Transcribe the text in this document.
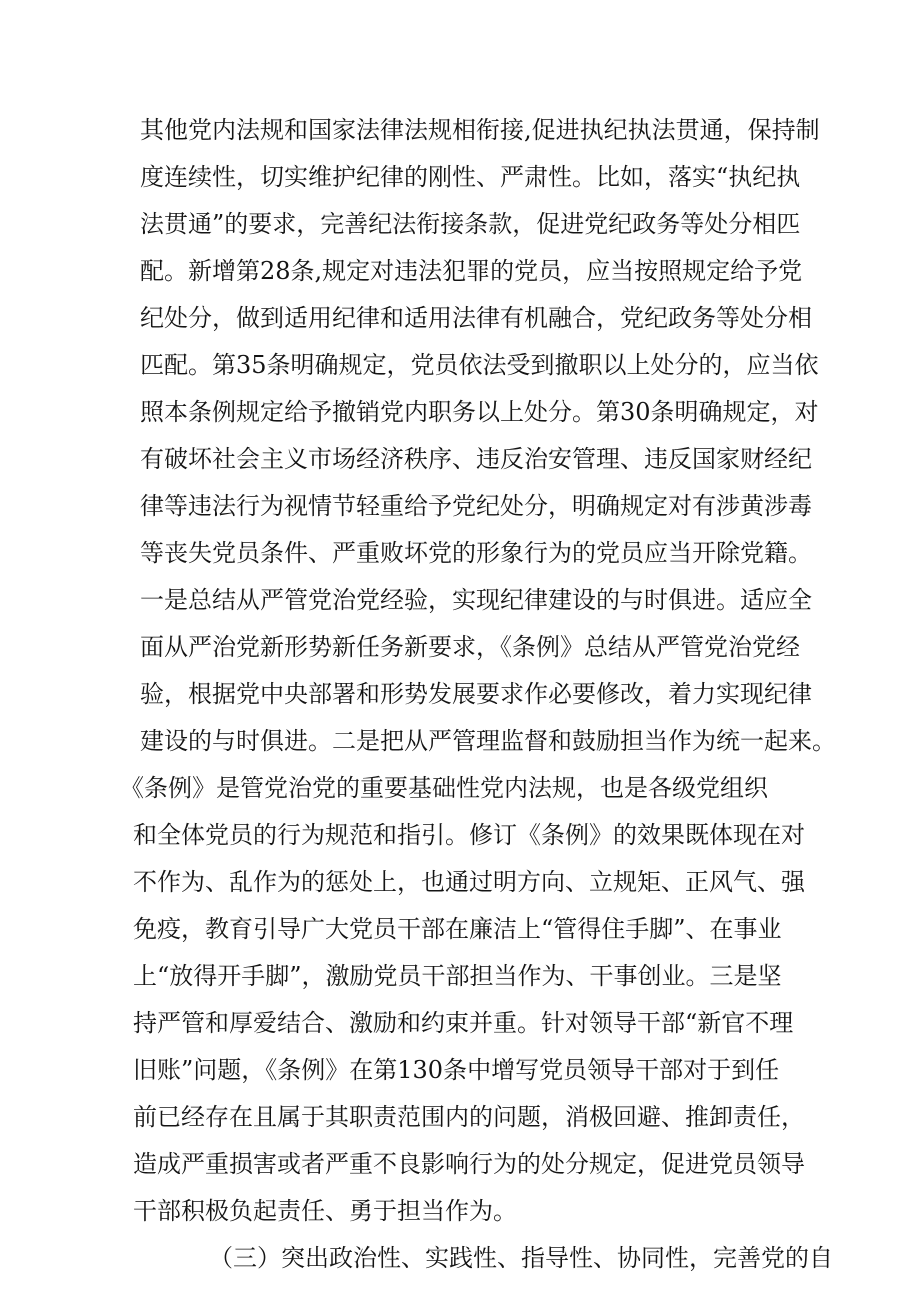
其他党内法规和国家法律法规相衔接,促进执纪执法贯通，保持制
度连续性，切实维护纪律的刚性、严肃性。比如，落实“执纪执
法贯通”的要求，完善纪法衔接条款，促进党纪政务等处分相匹
配。新增第28条,规定对违法犯罪的党员，应当按照规定给予党
纪处分，做到适用纪律和适用法律有机融合，党纪政务等处分相
匹配。第35条明确规定，党员依法受到撤职以上处分的，应当依
照本条例规定给予撤销党内职务以上处分。第30条明确规定，对
有破坏社会主义市场经济秩序、违反治安管理、违反国家财经纪
律等违法行为视情节轻重给予党纪处分，明确规定对有涉黄涉毒
等丧失党员条件、严重败坏党的形象行为的党员应当开除党籍。
一是总结从严管党治党经验，实现纪律建设的与时俱进。适应全
面从严治党新形势新任务新要求，《条例》总结从严管党治党经
验，根据党中央部署和形势发展要求作必要修改，着力实现纪律
建设的与时俱进。二是把从严管理监督和鼓励担当作为统一起来。
《条例》是管党治党的重要基础性党内法规，也是各级党组织
和全体党员的行为规范和指引。修订《条例》的效果既体现在对
不作为、乱作为的惩处上，也通过明方向、立规矩、正风气、强
免疫，教育引导广大党员干部在廉洁上“管得住手脚”、在事业
上“放得开手脚”，激励党员干部担当作为、干事创业。三是坚
持严管和厚爱结合、激励和约束并重。针对领导干部“新官不理
旧账”问题，《条例》在第130条中增写党员领导干部对于到任
前已经存在且属于其职责范围内的问题，消极回避、推卸责任，
造成严重损害或者严重不良影响行为的处分规定，促进党员领导
干部积极负起责任、勇于担当作为。
（三）突出政治性、实践性、指导性、协同性，完善党的自
